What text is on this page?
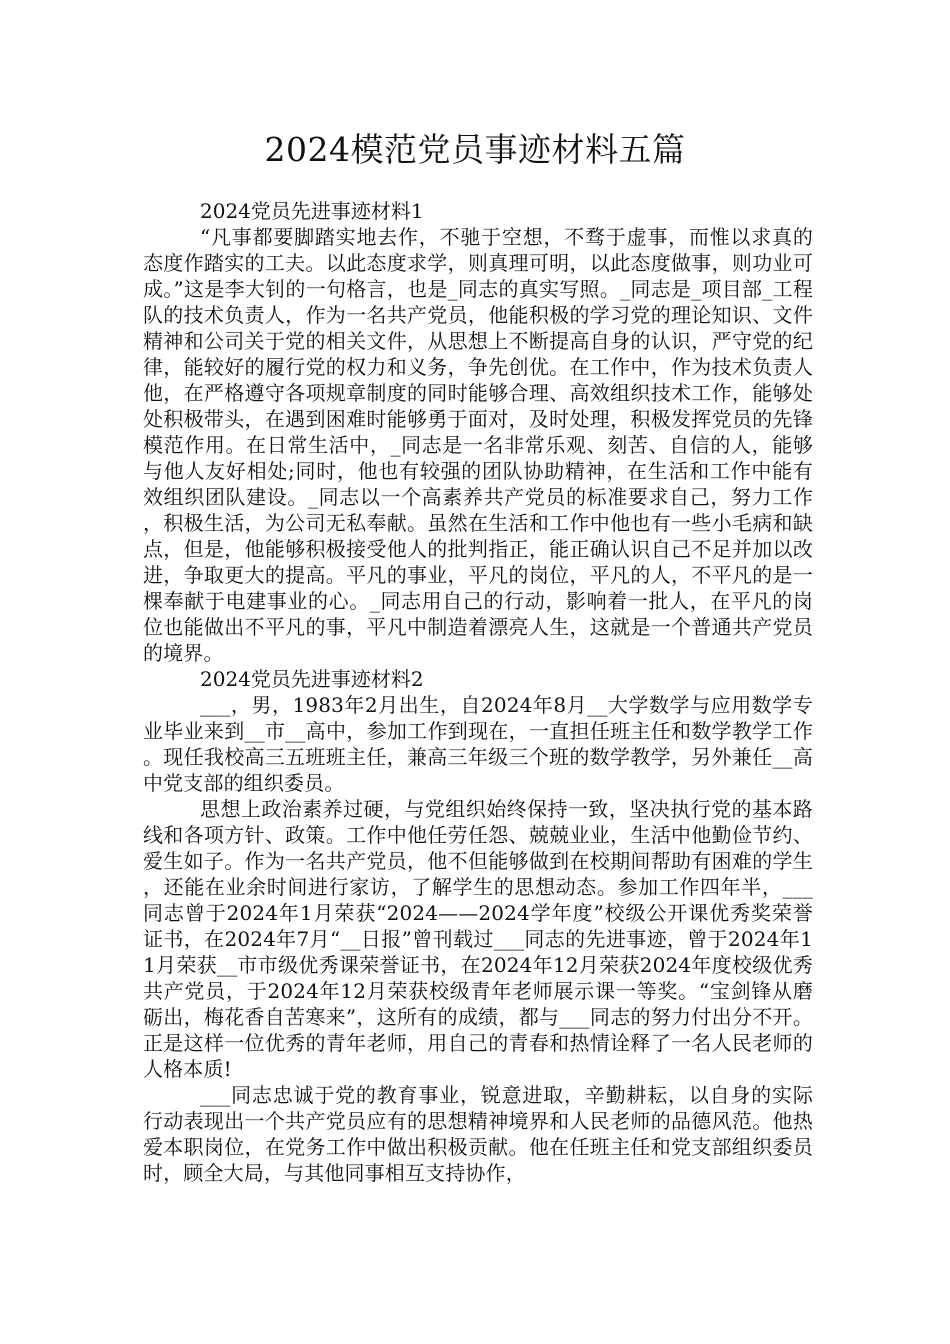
2024模范党员事迹材料五篇
2024党员先进事迹材料1

“凡事都要脚踏实地去作，不驰于空想，不骛于虚事，而惟以求真的态度作踏实的工夫。以此态度求学，则真理可明，以此态度做事，则功业可成。”这是李大钊的一句格言，也是_同志的真实写照。_同志是_项目部_工程队的技术负责人，作为一名共产党员，他能积极的学习党的理论知识、文件精神和公司关于党的相关文件，从思想上不断提高自身的认识，严守党的纪律，能较好的履行党的权力和义务，争先创优。在工作中，作为技术负责人他，在严格遵守各项规章制度的同时能够合理、高效组织技术工作，能够处处积极带头，在遇到困难时能够勇于面对，及时处理，积极发挥党员的先锋模范作用。在日常生活中，_同志是一名非常乐观、刻苦、自信的人，能够与他人友好相处;同时，他也有较强的团队协助精神，在生活和工作中能有效组织团队建设。_同志以一个高素养共产党员的标准要求自己，努力工作，积极生活，为公司无私奉献。虽然在生活和工作中他也有一些小毛病和缺点，但是，他能够积极接受他人的批判指正，能正确认识自己不足并加以改进，争取更大的提高。平凡的事业，平凡的岗位，平凡的人，不平凡的是一棵奉献于电建事业的心。_同志用自己的行动，影响着一批人，在平凡的岗位也能做出不平凡的事，平凡中制造着漂亮人生，这就是一个普通共产党员的境界。

2024党员先进事迹材料2

___，男，1983年2月出生，自2024年8月__大学数学与应用数学专业毕业来到__市__高中，参加工作到现在，一直担任班主任和数学教学工作。现任我校高三五班班主任，兼高三年级三个班的数学教学，另外兼任__高中党支部的组织委员。

思想上政治素养过硬，与党组织始终保持一致，坚决执行党的基本路线和各项方针、政策。工作中他任劳任怨、兢兢业业，生活中他勤俭节约、爱生如子。作为一名共产党员，他不但能够做到在校期间帮助有困难的学生，还能在业余时间进行家访，了解学生的思想动态。参加工作四年半，___同志曾于2024年1月荣获“2024——2024学年度”校级公开课优秀奖荣誉证书，在2024年7月“__日报”曾刊载过___同志的先进事迹，曾于2024年11月荣获__市市级优秀课荣誉证书，在2024年12月荣获2024年度校级优秀共产党员，于2024年12月荣获校级青年老师展示课一等奖。“宝剑锋从磨砺出，梅花香自苦寒来”，这所有的成绩，都与___同志的努力付出分不开。正是这样一位优秀的青年老师，用自己的青春和热情诠释了一名人民老师的人格本质!

___同志忠诚于党的教育事业，锐意进取，辛勤耕耘，以自身的实际行动表现出一个共产党员应有的思想精神境界和人民老师的品德风范。他热爱本职岗位，在党务工作中做出积极贡献。他在任班主任和党支部组织委员时，顾全大局，与其他同事相互支持协作，
